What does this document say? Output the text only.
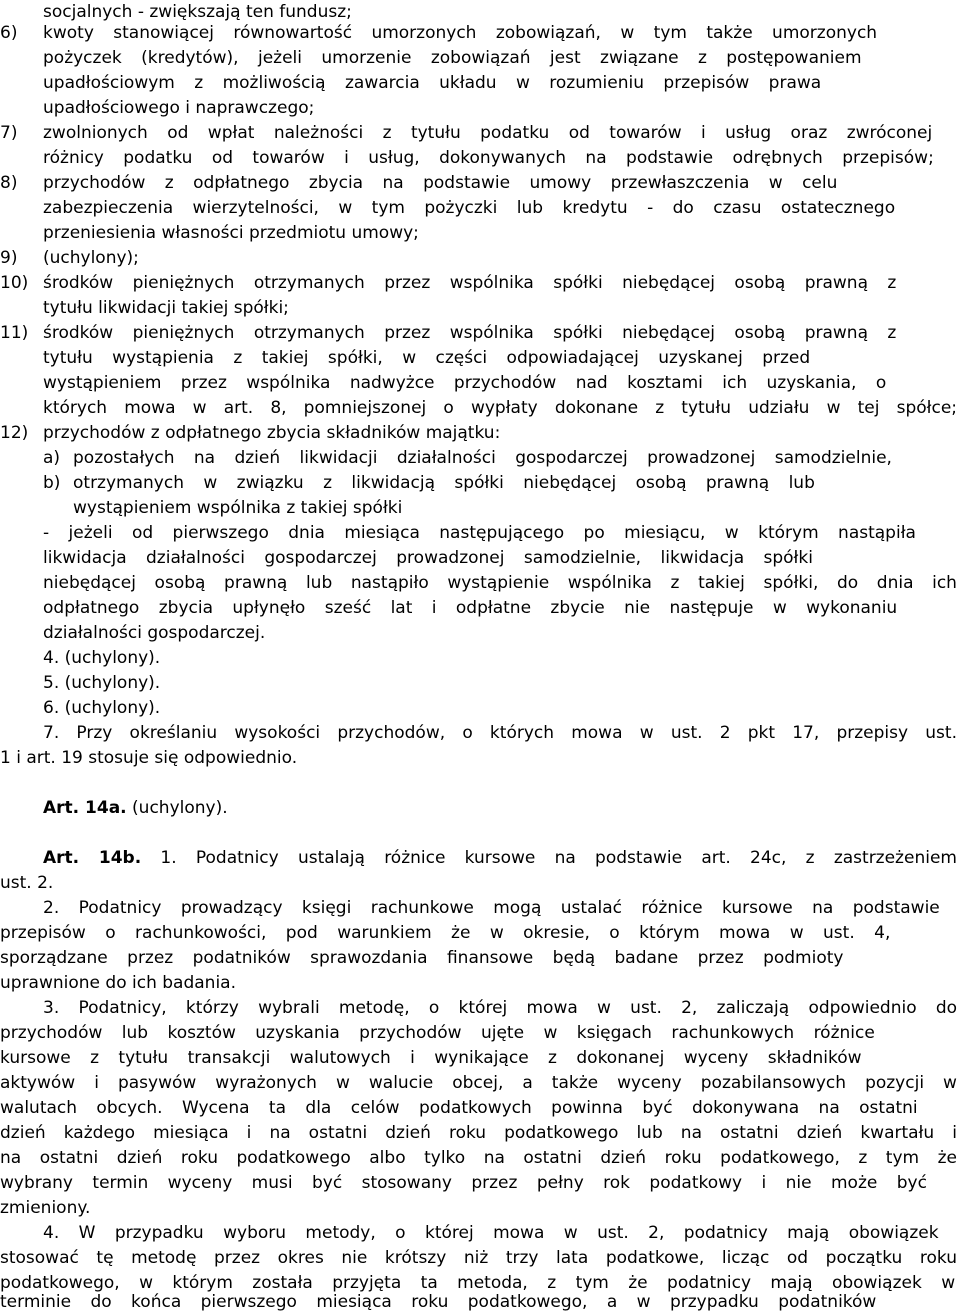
socjalnych - zwiększają ten fundusz;
6) kwoty stanowiącej równowartość umorzonych zobowiązań, w tym także umorzonych
pożyczek (kredytów), jeżeli umorzenie zobowiązań jest związane z postępowaniem
upadłościowym z możliwością zawarcia układu w rozumieniu przepisów prawa
upadłościowego i naprawczego;
7) zwolnionych od wpłat należności z tytułu podatku od towarów i usług oraz zwróconej
różnicy podatku od towarów i usług, dokonywanych na podstawie odrębnych przepisów;
8) przychodów z odpłatnego zbycia na podstawie umowy przewłaszczenia w celu
zabezpieczenia wierzytelności, w tym pożyczki lub kredytu - do czasu ostatecznego
przeniesienia własności przedmiotu umowy;
9) (uchylony);
10) środków pieniężnych otrzymanych przez wspólnika spółki niebędącej osobą prawną z
tytułu likwidacji takiej spółki;
11) środków pieniężnych otrzymanych przez wspólnika spółki niebędącej osobą prawną z
tytułu wystąpienia z takiej spółki, w części odpowiadającej uzyskanej przed
wystąpieniem przez wspólnika nadwyżce przychodów nad kosztami ich uzyskania, o
których mowa w art. 8, pomniejszonej o wypłaty dokonane z tytułu udziału w tej spółce;
12) przychodów z odpłatnego zbycia składników majątku:
a) pozostałych na dzień likwidacji działalności gospodarczej prowadzonej samodzielnie,
b) otrzymanych w związku z likwidacją spółki niebędącej osobą prawną lub
wystąpieniem wspólnika z takiej spółki
- jeżeli od pierwszego dnia miesiąca następującego po miesiącu, w którym nastąpiła
likwidacja działalności gospodarczej prowadzonej samodzielnie, likwidacja spółki
niebędącej osobą prawną lub nastąpiło wystąpienie wspólnika z takiej spółki, do dnia ich
odpłatnego zbycia upłynęło sześć lat i odpłatne zbycie nie następuje w wykonaniu
działalności gospodarczej.
4. (uchylony).
5. (uchylony).
6. (uchylony).
7. Przy określaniu wysokości przychodów, o których mowa w ust. 2 pkt 17, przepisy ust.
1 i art. 19 stosuje się odpowiednio.
Art. 14a. (uchylony).
Art. 14b. 1. Podatnicy ustalają różnice kursowe na podstawie art. 24c, z zastrzeżeniem
ust. 2.
2. Podatnicy prowadzący księgi rachunkowe mogą ustalać różnice kursowe na podstawie
przepisów o rachunkowości, pod warunkiem że w okresie, o którym mowa w ust. 4,
sporządzane przez podatników sprawozdania finansowe będą badane przez podmioty
uprawnione do ich badania.
3. Podatnicy, którzy wybrali metodę, o której mowa w ust. 2, zaliczają odpowiednio do
przychodów lub kosztów uzyskania przychodów ujęte w księgach rachunkowych różnice
kursowe z tytułu transakcji walutowych i wynikające z dokonanej wyceny składników
aktywów i pasywów wyrażonych w walucie obcej, a także wyceny pozabilansowych pozycji w
walutach obcych. Wycena ta dla celów podatkowych powinna być dokonywana na ostatni
dzień każdego miesiąca i na ostatni dzień roku podatkowego lub na ostatni dzień kwartału i
na ostatni dzień roku podatkowego albo tylko na ostatni dzień roku podatkowego, z tym że
wybrany termin wyceny musi być stosowany przez pełny rok podatkowy i nie może być
zmieniony.
4. W przypadku wyboru metody, o której mowa w ust. 2, podatnicy mają obowiązek
stosować tę metodę przez okres nie krótszy niż trzy lata podatkowe, licząc od początku roku
podatkowego, w którym została przyjęta ta metoda, z tym że podatnicy mają obowiązek w
terminie do końca pierwszego miesiąca roku podatkowego, a w przypadku podatników
